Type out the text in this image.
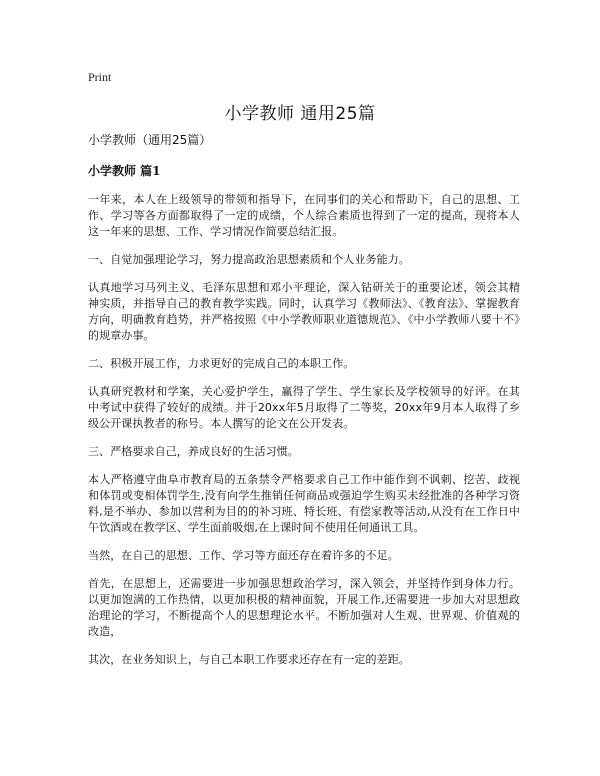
Print
小学教师 通用25篇

小学教师（通用25篇）

小学教师 篇1

一年来，本人在上级领导的带领和指导下，在同事们的关心和帮助下，自己的思想、工作、学习等各方面都取得了一定的成绩，个人综合素质也得到了一定的提高，现将本人这一年来的思想、工作、学习情况作简要总结汇报。

一、自觉加强理论学习，努力提高政治思想素质和个人业务能力。

认真地学习马列主义、毛泽东思想和邓小平理论，深入钻研关于的重要论述，领会其精神实质，并指导自己的教育教学实践。同时，认真学习《教师法》、《教育法》、掌握教育方向，明确教育趋势，并严格按照《中小学教师职业道德规范》、《中小学教师八要十不》的规章办事。

二、积极开展工作，力求更好的完成自己的本职工作。

认真研究教材和学案，关心爱护学生，赢得了学生、学生家长及学校领导的好评。在其中考试中获得了较好的成绩。并于20xx年5月取得了二等奖，20xx年9月本人取得了乡级公开课执教者的称号。本人撰写的论文在公开发表。

三、严格要求自己，养成良好的生活习惯。

本人严格遵守曲阜市教育局的五条禁令严格要求自己工作中能作到不讽刺、挖苦、歧视和体罚或变相体罚学生,没有向学生推销任何商品或强迫学生购买未经批准的各种学习资料,是不举办、参加以营利为目的的补习班、特长班、有偿家教等活动,从没有在工作日中午饮酒或在教学区、学生面前吸烟,在上课时间不使用任何通讯工具。

当然，在自己的思想、工作、学习等方面还存在着许多的不足。

首先，在思想上，还需要进一步加强思想政治学习，深入领会，并坚持作到身体力行。以更加饱满的工作热情，以更加积极的精神面貌，开展工作,还需要进一步加大对思想政治理论的学习，不断提高个人的思想理论水平。不断加强对人生观、世界观、价值观的改造，

其次，在业务知识上，与自己本职工作要求还存在有一定的差距。
